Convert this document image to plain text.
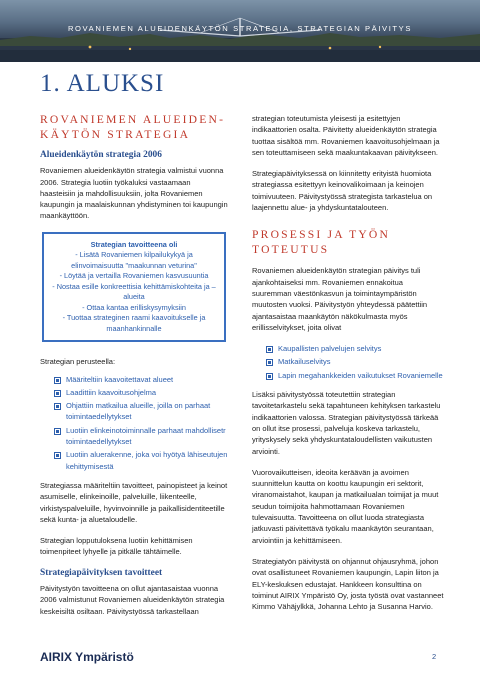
ROVANIEMEN ALUEIDENKÄYTÖN STRATEGIA, STRATEGIAN PÄIVITYS
1. ALUKSI
ROVANIEMEN ALUEIDEN-KÄYTÖN STRATEGIA
Alueidenkäytön strategia 2006

Rovaniemen alueidenkäytön strategia valmistui vuonna 2006. Strategia luotiin työkaluksi vastaamaan haasteisiin ja mahdollisuuksiin, jolta Rovaniemen kaupungin ja maalaiskunnan yhdistyminen toi kaupungin maankäyttöön.

Strategian tavoitteena oli
- Lisätä Rovaniemen kilpailukykyä ja elinvoimaisuutta "maakunnan veturina"
- Löytää ja vertailla Rovaniemen kasvusuuntia
- Nostaa esille konkreettisia kehittämiskohteita ja –alueita
- Ottaa kantaa erilliskysymyksiin
- Tuottaa strateginen raami kaavoitukselle ja maanhankinnalle

Strategian perusteella:

Määriteltiin kaavoitettavat alueet
Laadittiin kaavoitusohjelma
Ohjattiin matkailua alueille, joilla on parhaat toimintaedellytykset
Luotiin elinkeinotoiminnalle parhaat mahdollisetr toimintaedellytykset
Luotiin aluerakenne, joka voi hyötyä lähiseutujen kehittymisestä

Strategiassa määriteltiin tavoitteet, painopisteet ja keinot asumiselle, elinkeinoille, palveluille, liikenteelle, virkistyspalveluille, hyvinvoinnille ja paikallisidentiteetille sekä kunta- ja aluetaloudelle.

Strategian lopputuloksena luotiin kehittämisen toimenpiteet lyhyelle ja pitkälle tähtäimelle.

Strategiapäivityksen tavoitteet

Päivitystyön tavoitteena on ollut ajantasaistaa vuonna 2006 valmistunut Rovaniemen alueidenkäytön strategia keskeisiltä osiltaan. Päivitystyössä tarkastellaan

strategian toteutumista yleisesti ja esitettyjen indikaattorien osalta. Päivitetty alueidenkäytön strategia tuottaa sisältöä mm. Rovaniemen kaavoitusohjelmaan ja sen toteuttamiseen sekä maakuntakaavan päivitykseen.

Strategiapäivityksessä on kiinnitetty erityistä huomiota strategiassa esitettyyn keinovalikoimaan ja keinojen toimivuuteen. Päivitystyössä strategista tarkastelua on laajennettu alue- ja yhdyskuntatalouteen.

PROSESSI JA TYÖN TOTEUTUS

Rovaniemen alueidenkäytön strategian päivitys tuli ajankohtaiseksi mm. Rovaniemen ennakoitua suuremman väestönkasvun ja toimintaympäristön muutosten vuoksi. Päivitystyön yhteydessä päätettiin ajantasaistaa maankäytön näkökulmasta myös erillisselvitykset, joita olivat

Kaupallisten palvelujen selvitys
Matkailuselvitys
Lapin megahankkeiden vaikutukset Rovaniemelle

Lisäksi päivitystyössä toteutettiin strategian tavoitetarkastelu sekä tapahtuneen kehityksen tarkastelu indikaattorien valossa. Strategian päivitystyössä tärkeää on ollut itse prosessi, palveluja koskeva tarkastelu, yrityskysely sekä yhdyskuntataloudellisten vaikutusten arviointi.

Vuorovaikutteisen, ideoita keräävän ja avoimen suunnittelun kautta on koottu kaupungin eri sektorit, viranomaistahot, kaupan ja matkailualan toimijat ja muut seudun toimijoita hahmottamaan Rovaniemen tulevaisuutta. Tavoitteena on ollut luoda strategiasta jatkuvasti päivitettävä työkalu maankäytön seurantaan, arviointiin ja kehittämiseen.

Strategiatyön päivitystä on ohjannut ohjausryhmä, johon ovat osallistuneet Rovaniemen kaupungin, Lapin liiton ja ELY-keskuksen edustajat. Hankkeen konsulttina on toiminut AIRIX Ympäristö Oy, josta työstä ovat vastanneet Kimmo Vähäjylkkä, Johanna Lehto ja Susanna Harvio.

AIRIX Ympäristö	2
